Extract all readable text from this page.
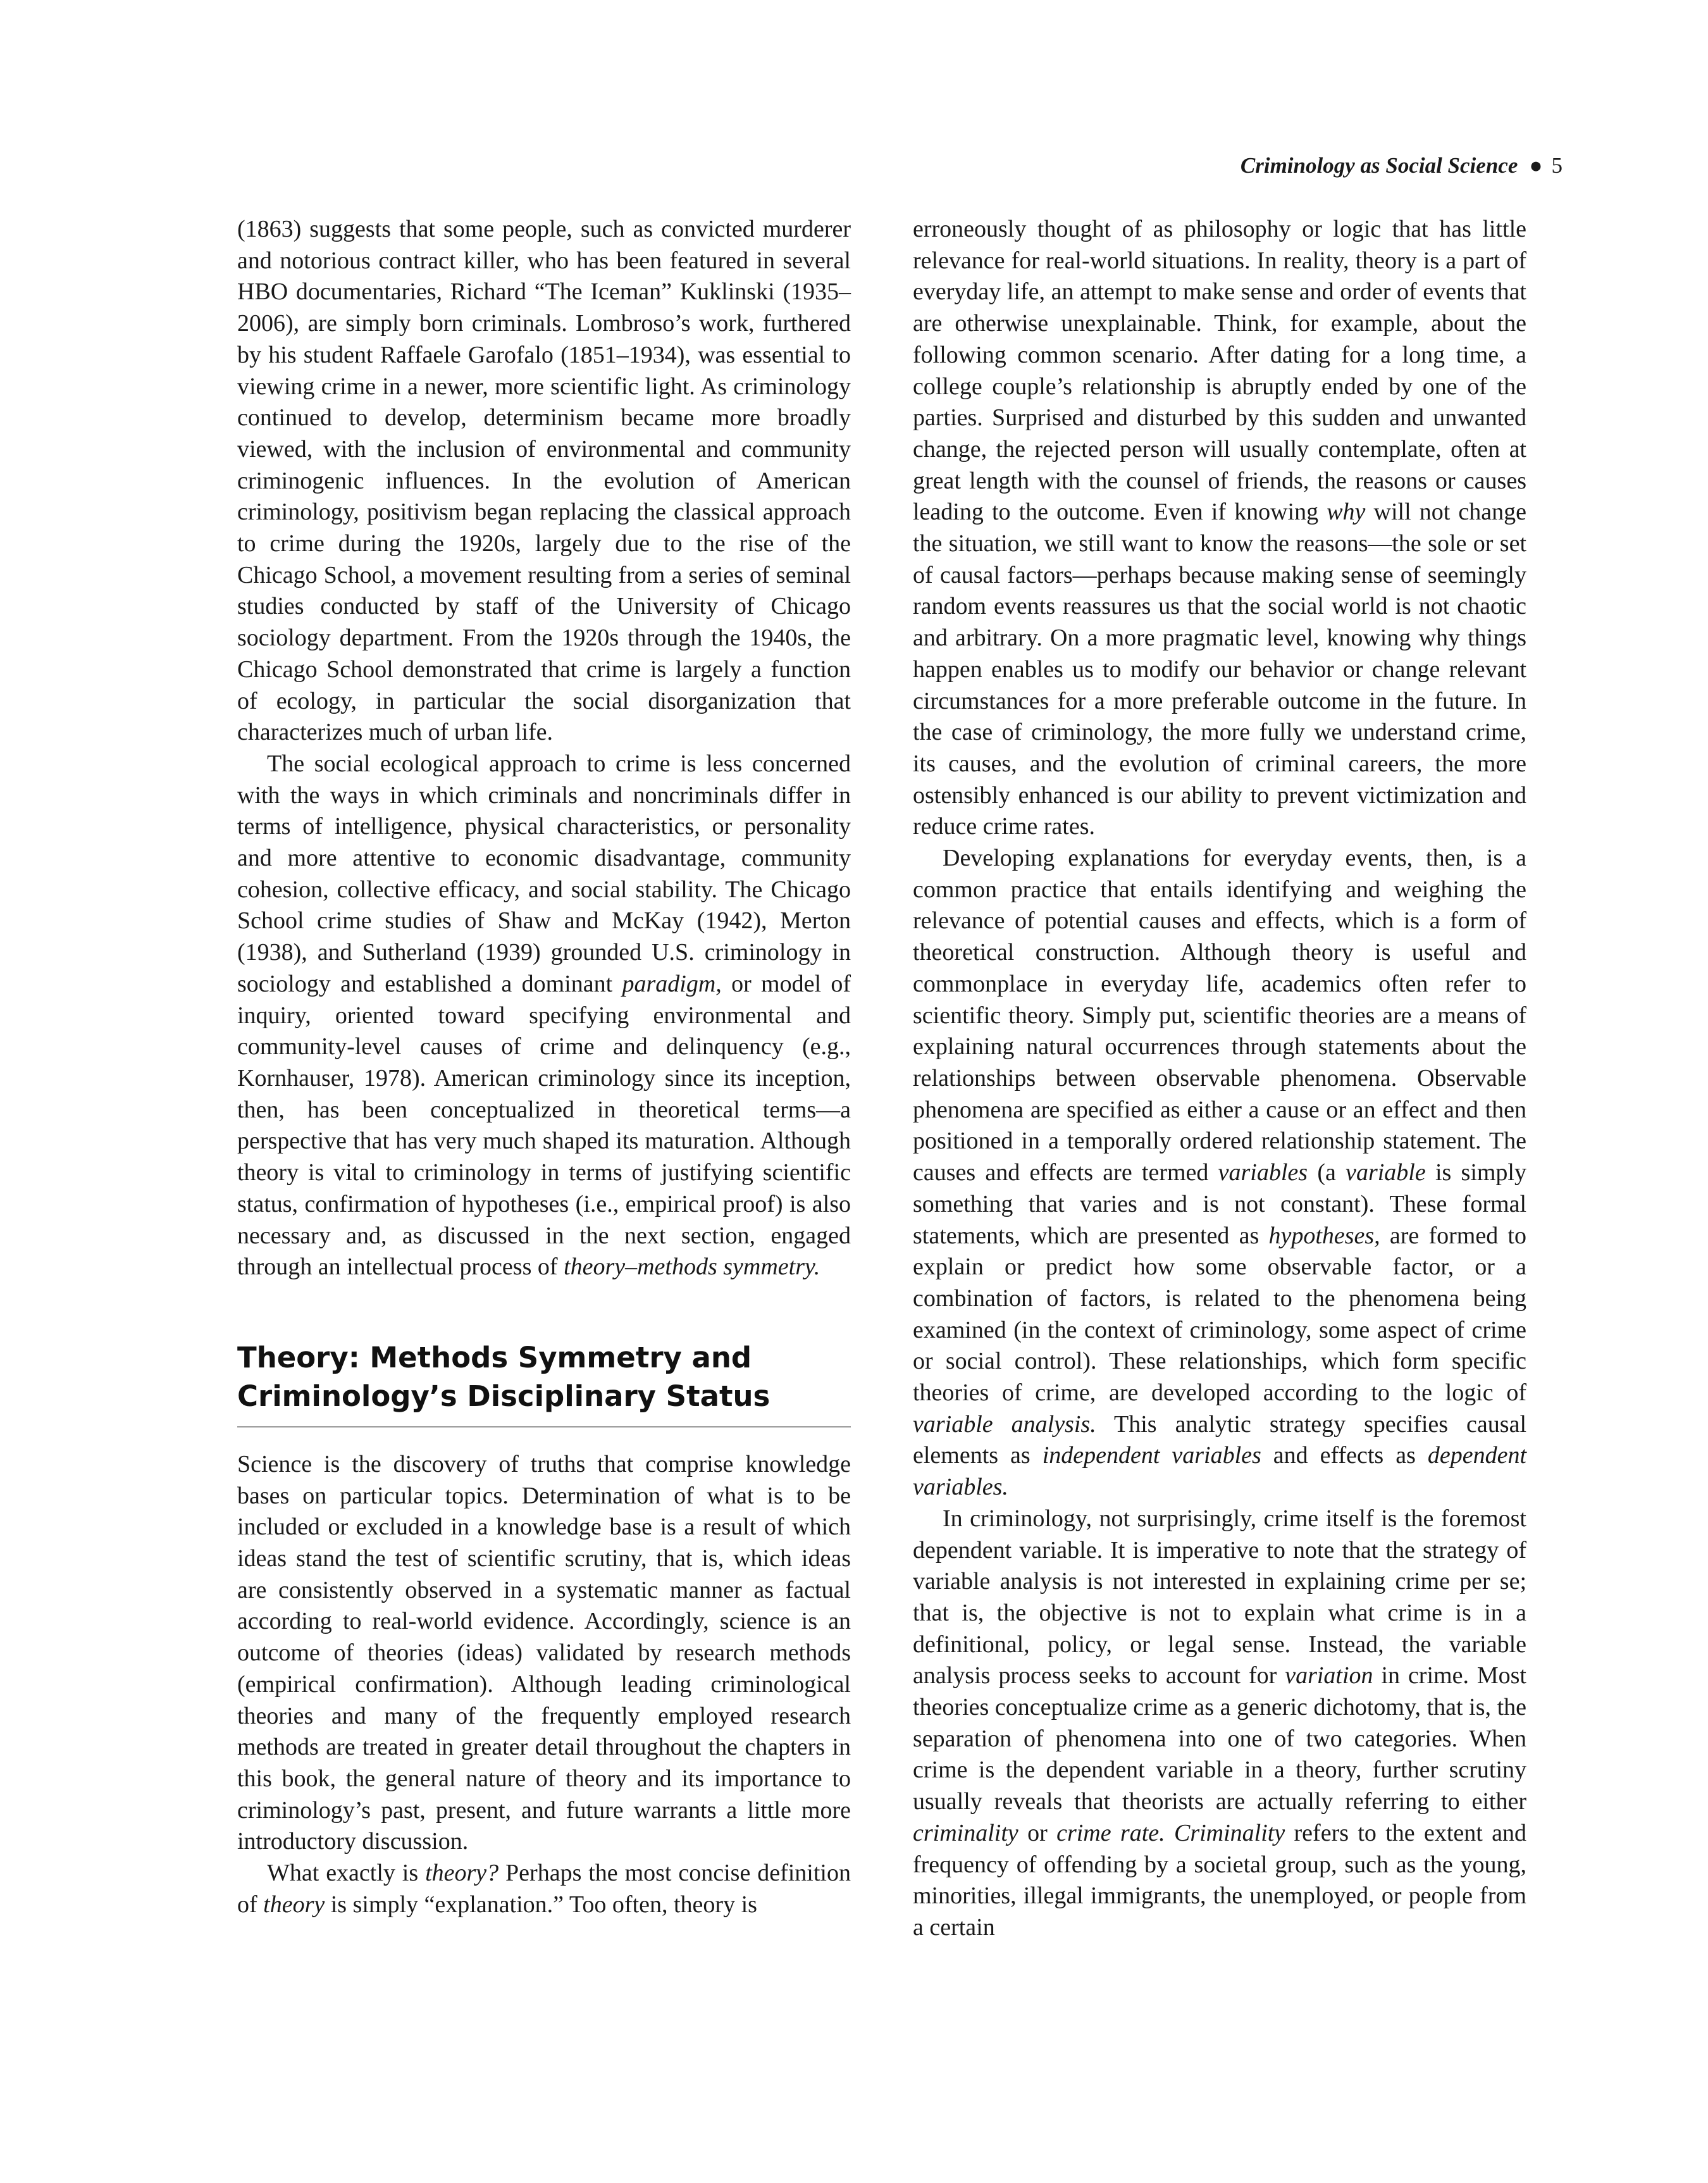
Criminology as Social Science ● 5

(1863) suggests that some people, such as convicted murderer and notorious contract killer, who has been featured in several HBO documentaries, Richard “The Iceman” Kuklinski (1935–2006), are simply born criminals. Lombroso’s work, furthered by his student Raffaele Garofalo (1851–1934), was essential to viewing crime in a newer, more scientific light. As criminology continued to develop, determinism became more broadly viewed, with the inclusion of environmental and community criminogenic influences. In the evolution of American criminology, positivism began replacing the classical approach to crime during the 1920s, largely due to the rise of the Chicago School, a movement resulting from a series of seminal studies conducted by staff of the University of Chicago sociology department. From the 1920s through the 1940s, the Chicago School demonstrated that crime is largely a function of ecology, in particular the social disorganization that characterizes much of urban life.

The social ecological approach to crime is less concerned with the ways in which criminals and noncriminals differ in terms of intelligence, physical characteristics, or personality and more attentive to economic disadvantage, community cohesion, collective efficacy, and social stability. The Chicago School crime studies of Shaw and McKay (1942), Merton (1938), and Sutherland (1939) grounded U.S. criminology in sociology and established a dominant paradigm, or model of inquiry, oriented toward specifying environmental and community-level causes of crime and delinquency (e.g., Kornhauser, 1978). American criminology since its inception, then, has been conceptualized in theoretical terms—a perspective that has very much shaped its maturation. Although theory is vital to criminology in terms of justifying scientific status, confirmation of hypotheses (i.e., empirical proof) is also necessary and, as discussed in the next section, engaged through an intellectual process of theory–methods symmetry.

Theory: Methods Symmetry and
Criminology’s Disciplinary Status

Science is the discovery of truths that comprise knowledge bases on particular topics. Determination of what is to be included or excluded in a knowledge base is a result of which ideas stand the test of scientific scrutiny, that is, which ideas are consistently observed in a systematic manner as factual according to real-world evidence. Accordingly, science is an outcome of theories (ideas) validated by research methods (empirical confirmation). Although leading criminological theories and many of the frequently employed research methods are treated in greater detail throughout the chapters in this book, the general nature of theory and its importance to criminology’s past, present, and future warrants a little more introductory discussion.

What exactly is theory? Perhaps the most concise definition of theory is simply “explanation.” Too often, theory is

erroneously thought of as philosophy or logic that has little relevance for real-world situations. In reality, theory is a part of everyday life, an attempt to make sense and order of events that are otherwise unexplainable. Think, for example, about the following common scenario. After dating for a long time, a college couple’s relationship is abruptly ended by one of the parties. Surprised and disturbed by this sudden and unwanted change, the rejected person will usually contemplate, often at great length with the counsel of friends, the reasons or causes leading to the outcome. Even if knowing why will not change the situation, we still want to know the reasons—the sole or set of causal factors—perhaps because making sense of seemingly random events reassures us that the social world is not chaotic and arbitrary. On a more pragmatic level, knowing why things happen enables us to modify our behavior or change relevant circumstances for a more preferable outcome in the future. In the case of criminology, the more fully we understand crime, its causes, and the evolution of criminal careers, the more ostensibly enhanced is our ability to prevent victimization and reduce crime rates.

Developing explanations for everyday events, then, is a common practice that entails identifying and weighing the relevance of potential causes and effects, which is a form of theoretical construction. Although theory is useful and commonplace in everyday life, academics often refer to scientific theory. Simply put, scientific theories are a means of explaining natural occurrences through statements about the relationships between observable phenomena. Observable phenomena are specified as either a cause or an effect and then positioned in a temporally ordered relationship statement. The causes and effects are termed variables (a variable is simply something that varies and is not constant). These formal statements, which are presented as hypotheses, are formed to explain or predict how some observable factor, or a combination of factors, is related to the phenomena being examined (in the context of criminology, some aspect of crime or social control). These relationships, which form specific theories of crime, are developed according to the logic of variable analysis. This analytic strategy specifies causal elements as independent variables and effects as dependent variables.

In criminology, not surprisingly, crime itself is the foremost dependent variable. It is imperative to note that the strategy of variable analysis is not interested in explaining crime per se; that is, the objective is not to explain what crime is in a definitional, policy, or legal sense. Instead, the variable analysis process seeks to account for variation in crime. Most theories conceptualize crime as a generic dichotomy, that is, the separation of phenomena into one of two categories. When crime is the dependent variable in a theory, further scrutiny usually reveals that theorists are actually referring to either criminality or crime rate. Criminality refers to the extent and frequency of offending by a societal group, such as the young, minorities, illegal immigrants, the unemployed, or people from a certain
